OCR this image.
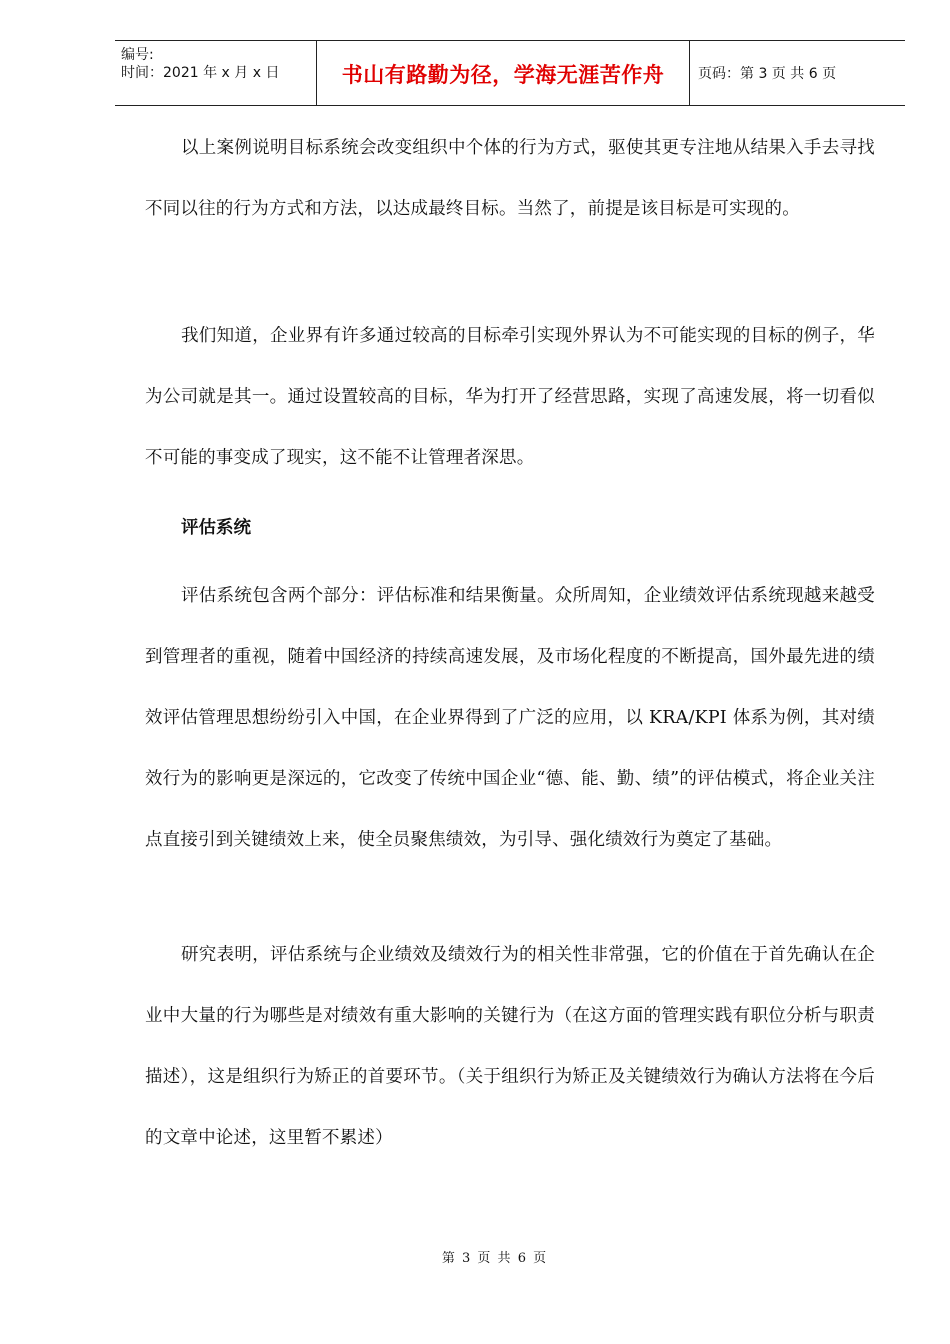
编号:
时间：2021 年 x 月 x 日	书山有路勤为径，学海无涯苦作舟	页码：第 3 页 共 6 页

以上案例说明目标系统会改变组织中个体的行为方式，驱使其更专注地从结果入手去寻找不同以往的行为方式和方法，以达成最终目标。当然了，前提是该目标是可实现的。

我们知道，企业界有许多通过较高的目标牵引实现外界认为不可能实现的目标的例子，华为公司就是其一。通过设置较高的目标，华为打开了经营思路，实现了高速发展，将一切看似不可能的事变成了现实，这不能不让管理者深思。

评估系统

评估系统包含两个部分：评估标准和结果衡量。众所周知，企业绩效评估系统现越来越受到管理者的重视，随着中国经济的持续高速发展，及市场化程度的不断提高，国外最先进的绩效评估管理思想纷纷引入中国，在企业界得到了广泛的应用，以 KRA/KPI 体系为例，其对绩效行为的影响更是深远的，它改变了传统中国企业“德、能、勤、绩”的评估模式，将企业关注点直接引到关键绩效上来，使全员聚焦绩效，为引导、强化绩效行为奠定了基础。

研究表明，评估系统与企业绩效及绩效行为的相关性非常强，它的价值在于首先确认在企业中大量的行为哪些是对绩效有重大影响的关键行为（在这方面的管理实践有职位分析与职责描述），这是组织行为矫正的首要环节。（关于组织行为矫正及关键绩效行为确认方法将在今后的文章中论述，这里暂不累述）

第 3 页 共 6 页
